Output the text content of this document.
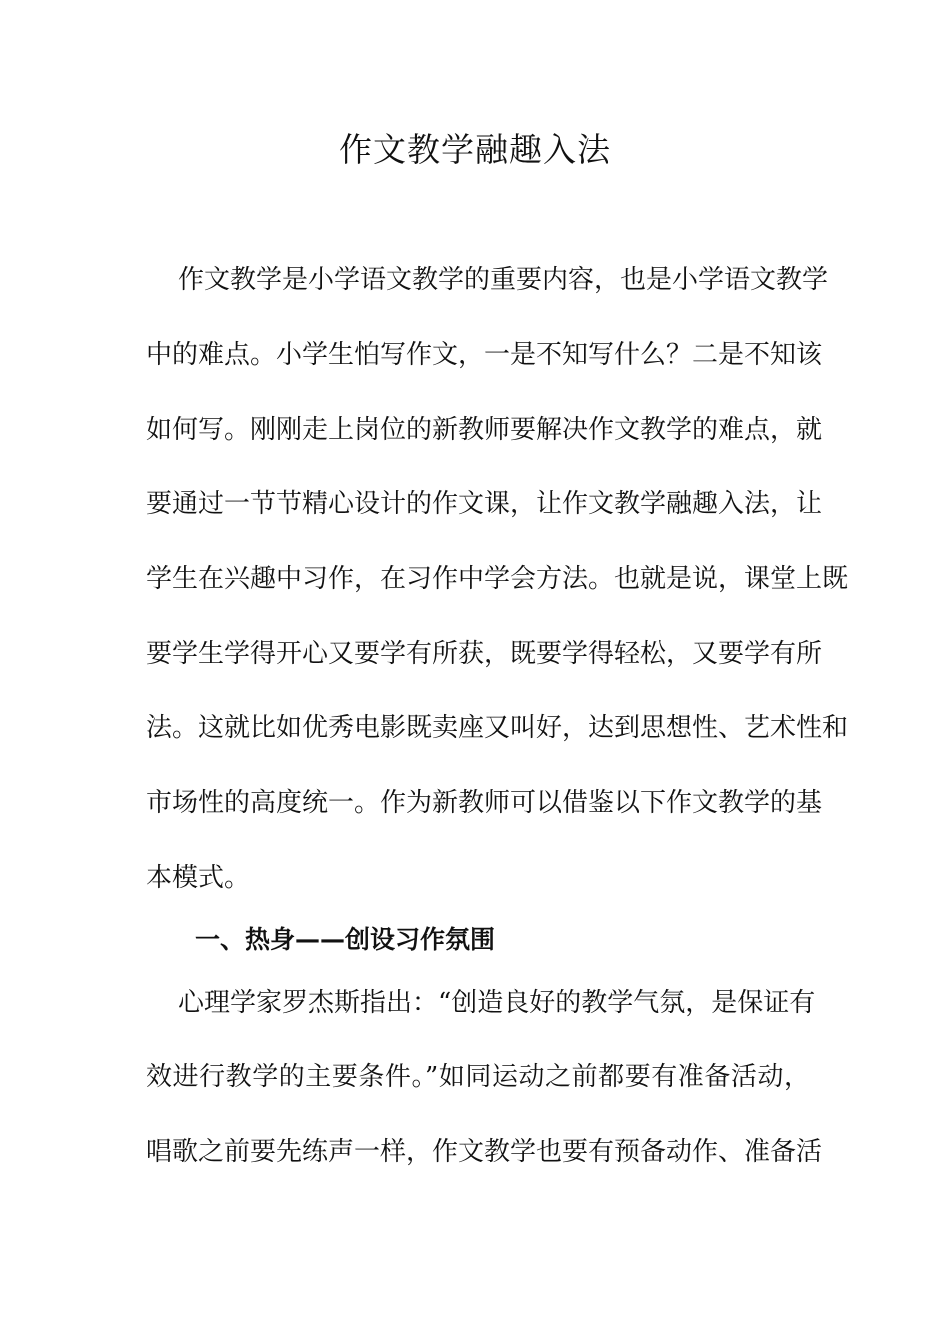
作文教学融趣入法

作文教学是小学语文教学的重要内容，也是小学语文教学

中的难点。小学生怕写作文，一是不知写什么？二是不知该

如何写。刚刚走上岗位的新教师要解决作文教学的难点，就

要通过一节节精心设计的作文课，让作文教学融趣入法，让

学生在兴趣中习作，在习作中学会方法。也就是说，课堂上既

要学生学得开心又要学有所获，既要学得轻松，又要学有所

法。这就比如优秀电影既卖座又叫好，达到思想性、艺术性和

市场性的高度统一。作为新教师可以借鉴以下作文教学的基

本模式。

一、热身——创设习作氛围

心理学家罗杰斯指出：“创造良好的教学气氛，是保证有

效进行教学的主要条件。”如同运动之前都要有准备活动，

唱歌之前要先练声一样，作文教学也要有预备动作、准备活
